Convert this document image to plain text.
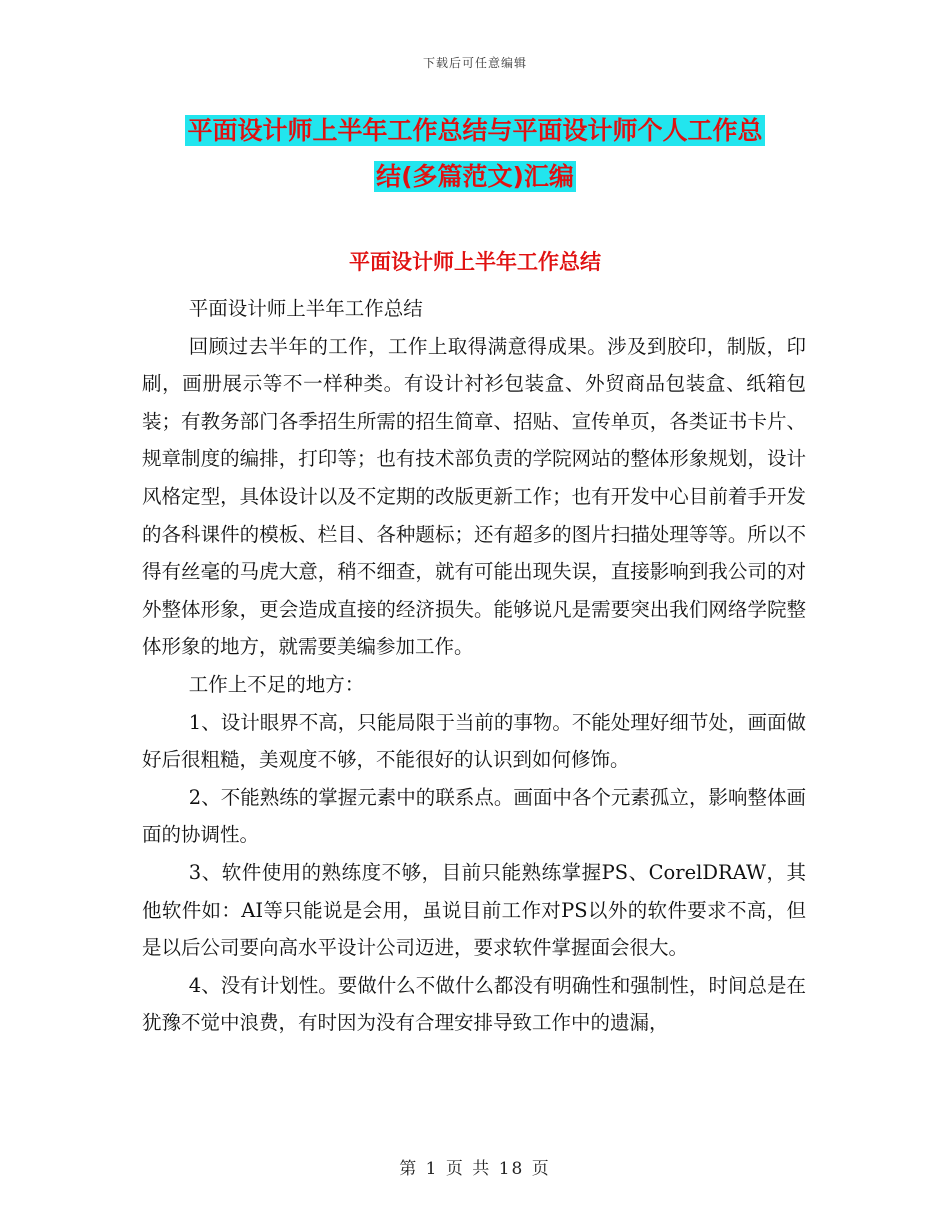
下载后可任意编辑
平面设计师上半年工作总结与平面设计师个人工作总
结(多篇范文)汇编
平面设计师上半年工作总结

平面设计师上半年工作总结

回顾过去半年的工作，工作上取得满意得成果。涉及到胶印，制版，印刷，画册展示等不一样种类。有设计衬衫包装盒、外贸商品包装盒、纸箱包装；有教务部门各季招生所需的招生简章、招贴、宣传单页，各类证书卡片、规章制度的编排，打印等；也有技术部负责的学院网站的整体形象规划，设计风格定型，具体设计以及不定期的改版更新工作；也有开发中心目前着手开发的各科课件的模板、栏目、各种题标；还有超多的图片扫描处理等等。所以不得有丝毫的马虎大意，稍不细查，就有可能出现失误，直接影响到我公司的对外整体形象，更会造成直接的经济损失。能够说凡是需要突出我们网络学院整体形象的地方，就需要美编参加工作。

工作上不足的地方：

1、设计眼界不高，只能局限于当前的事物。不能处理好细节处，画面做好后很粗糙，美观度不够，不能很好的认识到如何修饰。

2、不能熟练的掌握元素中的联系点。画面中各个元素孤立，影响整体画面的协调性。

3、软件使用的熟练度不够，目前只能熟练掌握PS、CorelDRAW，其他软件如：AI等只能说是会用，虽说目前工作对PS以外的软件要求不高，但是以后公司要向高水平设计公司迈进，要求软件掌握面会很大。

4、没有计划性。要做什么不做什么都没有明确性和强制性，时间总是在犹豫不觉中浪费，有时因为没有合理安排导致工作中的遗漏，

第 1 页 共 18 页
